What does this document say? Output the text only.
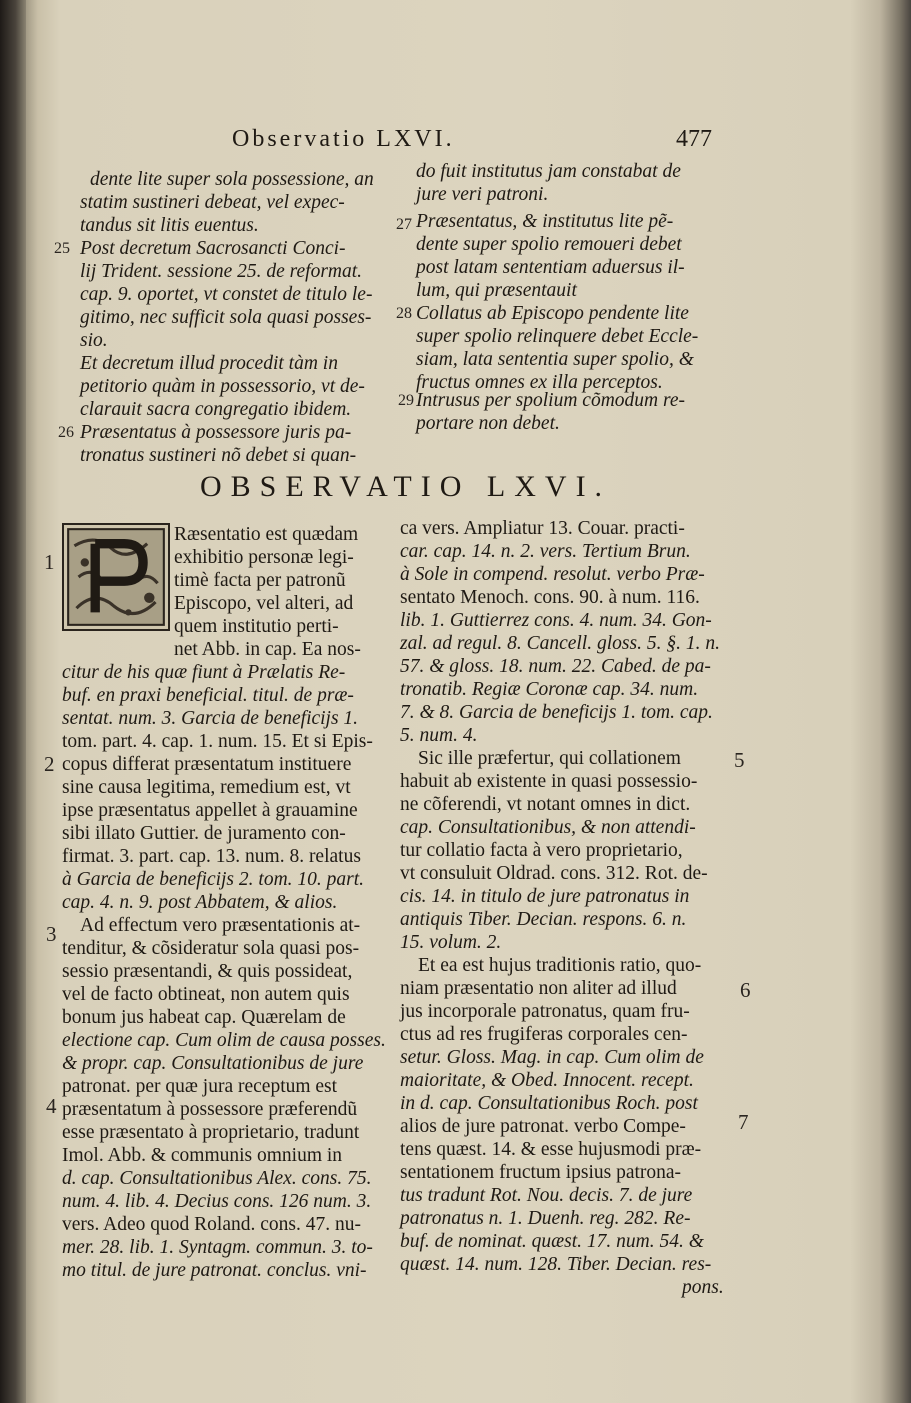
Observatio LXVI.	477
dente lite super sola possessione, an
statim sustineri debeat, vel expec-
tandus sit litis euentus.
25 Post decretum Sacrosancti Conci-
lij Trident. sessione 25. de reformat.
cap. 9. oportet, vt constet de titulo le-
gitimo, nec sufficit sola quasi posses-
sio.
Et decretum illud procedit tàm in
petitorio quàm in possessorio, vt de-
clarauit sacra congregatio ibidem.
26 Præsentatus à possessore juris pa-
tronatus sustineri nõ debet si quan-
do fuit institutus jam constabat de
jure veri patroni.
27 Præsentatus, & institutus lite pẽ-
dente super spolio remoueri debet
post latam sententiam aduersus il-
lum, qui præsentauit
28 Collatus ab Episcopo pendente lite
super spolio relinquere debet Eccle-
siam, lata sententia super spolio, &
fructus omnes ex illa perceptos.
29 Intrusus per spolium cõmodum re-
portare non debet.
OBSERVATIO LXVI.
1
Ræsentatio est quædam
exhibitio personæ legi-
timè facta per patronũ
Episcopo, vel alteri, ad
quem institutio perti-
net Abb. in cap. Ea nos-
citur de his quæ fiunt à Prælatis Re-
buf. en praxi beneficial. titul. de præ-
sentat. num. 3. Garcia de beneficijs 1.
tom. part. 4. cap. 1. num. 15. Et si Epis-
2 copus differat præsentatum instituere
sine causa legitima, remedium est, vt
ipse præsentatus appellet à grauamine
sibi illato Guttier. de juramento con-
firmat. 3. part. cap. 13. num. 8. relatus
à Garcia de beneficijs 2. tom. 10. part.
cap. 4. n. 9. post Abbatem, & alios.
Ad effectum vero præsentationis at-
3
tenditur, & cõsideratur sola quasi pos-
sessio præsentandi, & quis possideat,
vel de facto obtineat, non autem quis
bonum jus habeat cap. Quærelam de
electione cap. Cum olim de causa posses.
& propr. cap. Consultationibus de jure
patronat. per quæ jura receptum est
præsentatum à possessore præferendũ
4
esse præsentato à proprietario, tradunt
Imol. Abb. & communis omnium in
d. cap. Consultationibus Alex. cons. 75.
num. 4. lib. 4. Decius cons. 126 num. 3.
vers. Adeo quod Roland. cons. 47. nu-
mer. 28. lib. 1. Syntagm. commun. 3. to-
mo titul. de jure patronat. conclus. vni-
ca vers. Ampliatur 13. Couar. practi-
car. cap. 14. n. 2. vers. Tertium Brun.
à Sole in compend. resolut. verbo Præ-
sentato Menoch. cons. 90. à num. 116.
lib. 1. Guttierrez cons. 4. num. 34. Gon-
zal. ad regul. 8. Cancell. gloss. 5. §. 1. n.
57. & gloss. 18. num. 22. Cabed. de pa-
tronatib. Regiæ Coronæ cap. 34. num.
7. & 8. Garcia de beneficijs 1. tom. cap.
5. num. 4.
Sic ille præfertur, qui collationem	5
habuit ab existente in quasi possessio-
ne cõferendi, vt notant omnes in dict.
cap. Consultationibus, & non attendi-
tur collatio facta à vero proprietario,
vt consuluit Oldrad. cons. 312. Rot. de-
cis. 14. in titulo de jure patronatus in
antiquis Tiber. Decian. respons. 6. n.
15. volum. 2.
Et ea est hujus traditionis ratio, quo-
niam præsentatio non aliter ad illud
jus incorporale patronatus, quam fru-
6
ctus ad res frugiferas corporales cen-
setur. Gloss. Mag. in cap. Cum olim de
maioritate, & Obed. Innocent. recept.
in d. cap. Consultationibus Roch. post
alios de jure patronat. verbo Compe-
tens quæst. 14. & esse hujusmodi præ-
7
sentationem fructum ipsius patrona-
tus tradunt Rot. Nou. decis. 7. de jure
patronatus n. 1. Duenh. reg. 282. Re-
buf. de nominat. quæst. 17. num. 54. &
quæst. 14. num. 128. Tiber. Decian. res-
pons.
